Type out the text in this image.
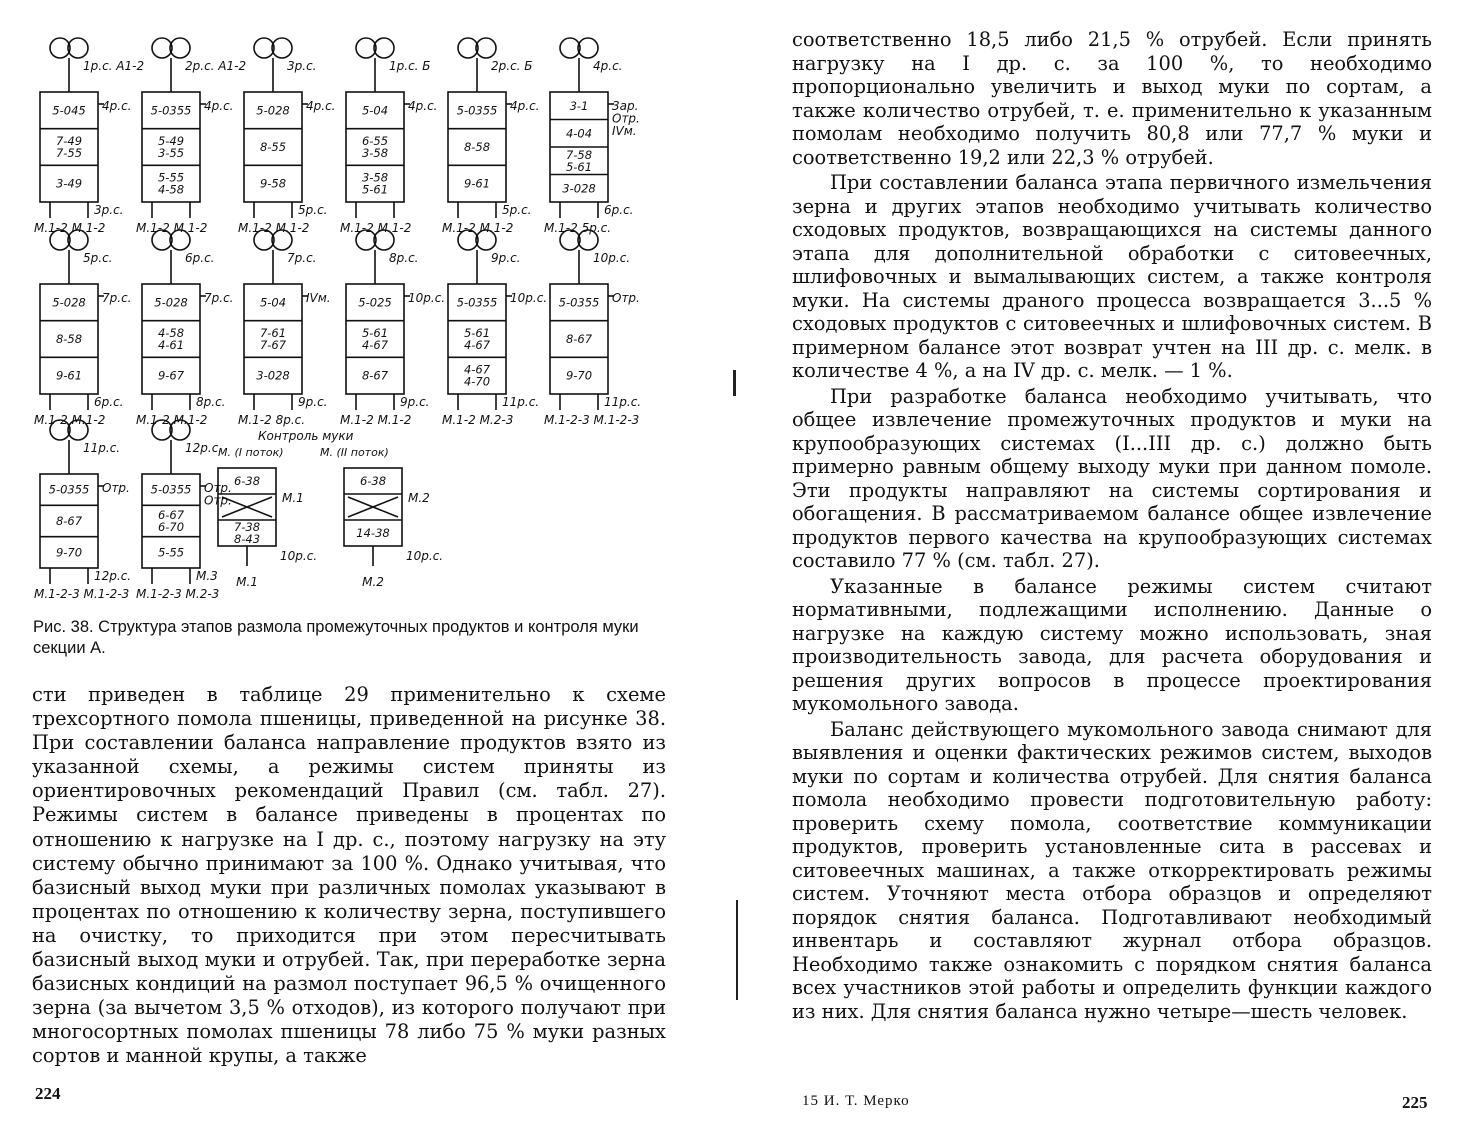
1р.с. А1-2
5-045
7-49
7-55
3-49
4р.с.
3р.с.
М.1-2 М.1-2
2р.с. А1-2
5-0355
5-49
3-55
5-55
4-58
4р.с.
М.1-2 М.1-2
3р.с.
5-028
8-55
9-58
4р.с.
5р.с.
М.1-2 М.1-2
1р.с. Б
5-04
6-55
3-58
3-58
5-61
4р.с.
М.1-2 М.1-2
2р.с. Б
5-0355
8-58
9-61
4р.с.
5р.с.
М.1-2 М.1-2
4р.с.
3-1
4-04
7-58
5-61
3-028
3ар.
Отр.
IVм.
6р.с.
М.1-2 5р.с.
5р.с.
5-028
8-58
9-61
7р.с.
6р.с.
М.1-2 М.1-2
6р.с.
5-028
4-58
4-61
9-67
7р.с.
8р.с.
М.1-2 М.1-2
7р.с.
5-04
7-61
7-67
3-028
IVм.
9р.с.
М.1-2 8р.с.
8р.с.
5-025
5-61
4-67
8-67
10р.с.
9р.с.
М.1-2 М.1-2
9р.с.
5-0355
5-61
4-67
4-67
4-70
10р.с.
11р.с.
М.1-2 М.2-3
10р.с.
5-0355
8-67
9-70
Отр.
11р.с.
М.1-2-3 М.1-2-3
11р.с.
5-0355
8-67
9-70
Отр.
12р.с.
М.1-2-3 М.1-2-3
12р.с.
5-0355
6-67
6-70
5-55
Отр.
Отр.
М.3
М.1-2-3 М.2-3
Контроль муки
М. (I поток)	М. (II поток)
6-38
7-38
8-43
М.1
10р.с.
М.1
6-38
14-38
М.2
10р.с.
М.2
Рис. 38. Структура этапов размола промежуточных продуктов и контроля муки секции А.

сти приведен в таблице 29 применительно к схеме трехсортного помола пшеницы, приведенной на рисунке 38. При составлении баланса направление продуктов взято из указанной схемы, а режимы систем приняты из ориентировочных рекомендаций Правил (см. табл. 27). Режимы систем в балансе приведены в процентах по отношению к нагрузке на I др. с., поэтому нагрузку на эту систему обычно принимают за 100 %. Однако учитывая, что базисный выход муки при различных помолах указывают в процентах по отношению к количеству зерна, поступившего на очистку, то приходится при этом пересчитывать базисный выход муки и отрубей. Так, при переработке зерна базисных кондиций на размол поступает 96,5 % очищенного зерна (за вычетом 3,5 % отходов), из которого получают при многосортных помолах пшеницы 78 либо 75 % муки разных сортов и манной крупы, а также

224

соответственно 18,5 либо 21,5 % отрубей. Если принять нагрузку на I др. с. за 100 %, то необходимо пропорционально увеличить и выход муки по сортам, а также количество отрубей, т. е. применительно к указанным помолам необходимо получить 80,8 или 77,7 % муки и соответственно 19,2 или 22,3 % отрубей.

При составлении баланса этапа первичного измельчения зерна и других этапов необходимо учитывать количество сходовых продуктов, возвращающихся на системы данного этапа для дополнительной обработки с ситовеечных, шлифовочных и вымалывающих систем, а также контроля муки. На системы драного процесса возвращается 3...5 % сходовых продуктов с ситовеечных и шлифовочных систем. В примерном балансе этот возврат учтен на III др. с. мелк. в количестве 4 %, а на IV др. с. мелк. — 1 %.

При разработке баланса необходимо учитывать, что общее извлечение промежуточных продуктов и муки на крупообразующих системах (I...III др. с.) должно быть примерно равным общему выходу муки при данном помоле. Эти продукты направляют на системы сортирования и обогащения. В рассматриваемом балансе общее извлечение продуктов первого качества на крупообразующих системах составило 77 % (см. табл. 27).

Указанные в балансе режимы систем считают нормативными, подлежащими исполнению. Данные о нагрузке на каждую систему можно использовать, зная производительность завода, для расчета оборудования и решения других вопросов в процессе проектирования мукомольного завода.

Баланс действующего мукомольного завода снимают для выявления и оценки фактических режимов систем, выходов муки по сортам и количества отрубей. Для снятия баланса помола необходимо провести подготовительную работу: проверить схему помола, соответствие коммуникации продуктов, проверить установленные сита в рассевах и ситовеечных машинах, а также откорректировать режимы систем. Уточняют места отбора образцов и определяют порядок снятия баланса. Подготавливают необходимый инвентарь и составляют журнал отбора образцов. Необходимо также ознакомить с порядком снятия баланса всех участников этой работы и определить функции каждого из них. Для снятия баланса нужно четыре—шесть человек.

15 И. Т. Мерко	225
